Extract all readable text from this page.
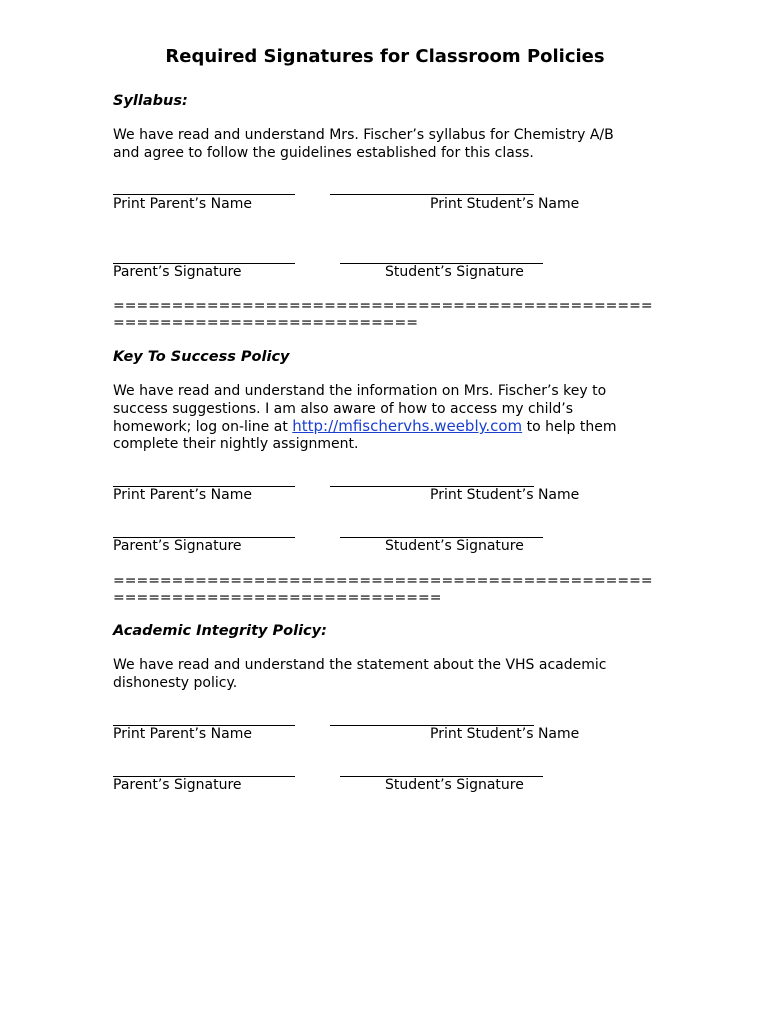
Required Signatures for Classroom Policies
Syllabus:
We have read and understand Mrs. Fischer’s syllabus for Chemistry A/B
and agree to follow the guidelines established for this class.
Print Parent’s Name	Print Student’s Name
Parent’s Signature	Student’s Signature
==============================================
==========================
Key To Success Policy
We have read and understand the information on Mrs. Fischer’s key to
success suggestions. I am also aware of how to access my child’s
homework; log on-line at http://mfischervhs.weebly.com to help them
complete their nightly assignment.
Print Parent’s Name	Print Student’s Name
Parent’s Signature	Student’s Signature
==============================================
============================
Academic Integrity Policy:
We have read and understand the statement about the VHS academic
dishonesty policy.
Print Parent’s Name	Print Student’s Name
Parent’s Signature	Student’s Signature
